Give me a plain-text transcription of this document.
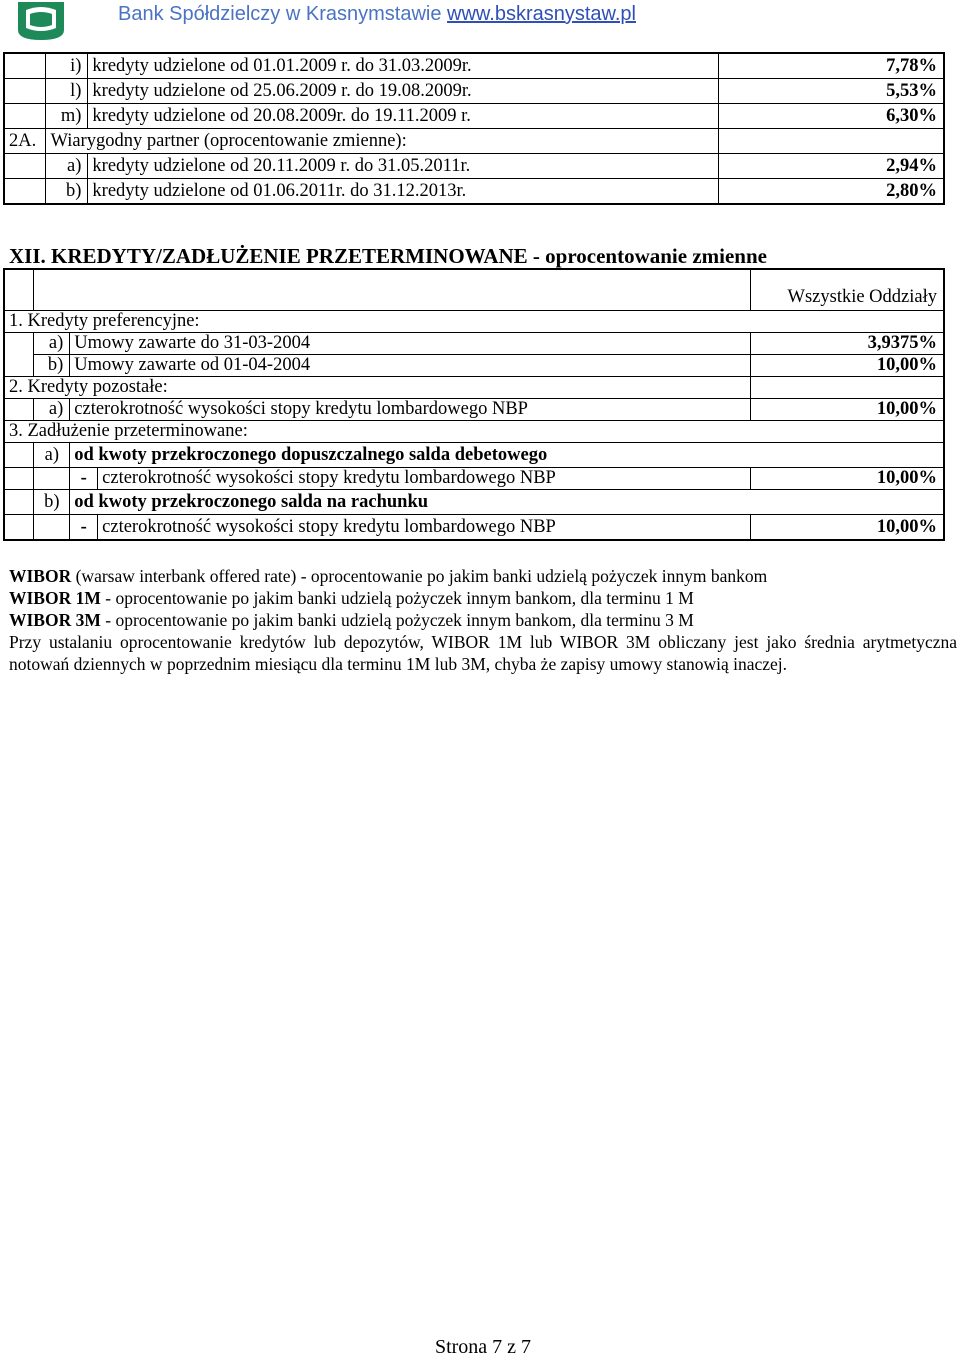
Bank Spółdzielczy w Krasnymstawie www.bskrasnystaw.pl
	i)	kredyty udzielone od 01.01.2009 r. do 31.03.2009r.	7,78%
	l)	kredyty udzielone od 25.06.2009 r. do 19.08.2009r.	5,53%
	m)	kredyty udzielone od 20.08.2009r. do 19.11.2009 r.	6,30%
2A.	Wiarygodny partner (oprocentowanie zmienne):		
	a)	kredyty udzielone od 20.11.2009 r. do 31.05.2011r.	2,94%
	b)	kredyty udzielone od 01.06.2011r. do 31.12.2013r.	2,80%
XII. KREDYTY/ZADŁUŻENIE PRZETERMINOWANE - oprocentowanie zmienne
				Wszystkie Oddziały
1. Kredyty preferencyjne:				
	a)	Umowy zawarte do 31-03-2004		3,9375%
	b)	Umowy zawarte od 01-04-2004		10,00%
2. Kredyty pozostałe:				
	a)	czterokrotność wysokości stopy kredytu lombardowego NBP		10,00%
3. Zadłużenie przeterminowane:				
	a)	od kwoty przekroczonego dopuszczalnego salda debetowego		
		-	czterokrotność wysokości stopy kredytu lombardowego NBP	10,00%
	b)	od kwoty przekroczonego salda na rachunku		
		-	czterokrotność wysokości stopy kredytu lombardowego NBP	10,00%

WIBOR (warsaw interbank offered rate) - oprocentowanie po jakim banki udzielą pożyczek innym bankom

WIBOR 1M - oprocentowanie po jakim banki udzielą pożyczek innym bankom, dla terminu 1 M

WIBOR 3M - oprocentowanie po jakim banki udzielą pożyczek innym bankom, dla terminu 3 M

Przy ustalaniu oprocentowanie kredytów lub depozytów, WIBOR 1M lub WIBOR 3M obliczany jest jako średnia arytmetyczna notowań dziennych w poprzednim miesiącu dla terminu 1M lub 3M, chyba że zapisy umowy stanowią inaczej.

Strona 7 z 7
